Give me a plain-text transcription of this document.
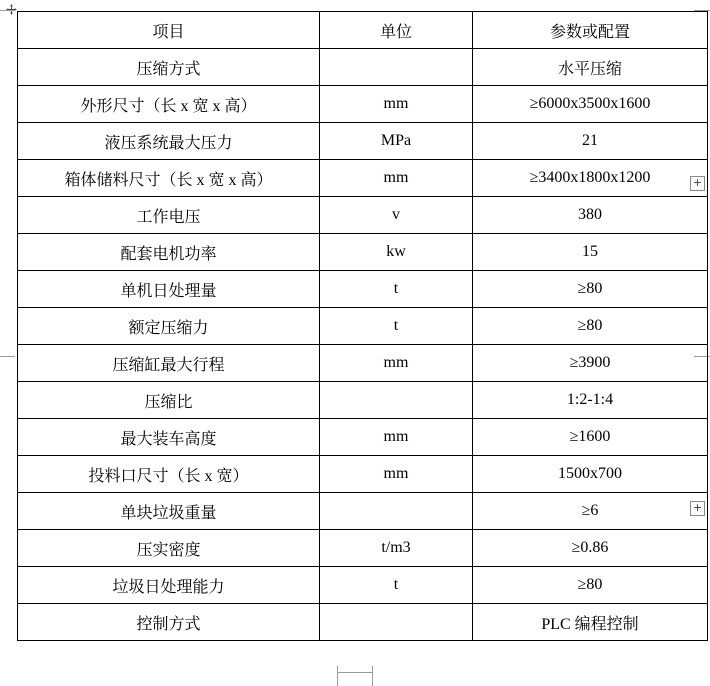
+
+
项目	单位	参数或配置
压缩方式		水平压缩
外形尺寸（长 x 宽 x 高）	mm	≥6000x3500x1600
液压系统最大压力	MPa	21
箱体储料尺寸（长 x 宽 x 高）	mm	≥3400x1800x1200
工作电压	v	380
配套电机功率	kw	15
单机日处理量	t	≥80
额定压缩力	t	≥80
压缩缸最大行程	mm	≥3900
压缩比		1:2-1:4
最大装车高度	mm	≥1600
投料口尺寸（长 x 宽）	mm	1500x700
单块垃圾重量		≥6
压实密度	t/m3	≥0.86
垃圾日处理能力	t	≥80
控制方式		PLC 编程控制
